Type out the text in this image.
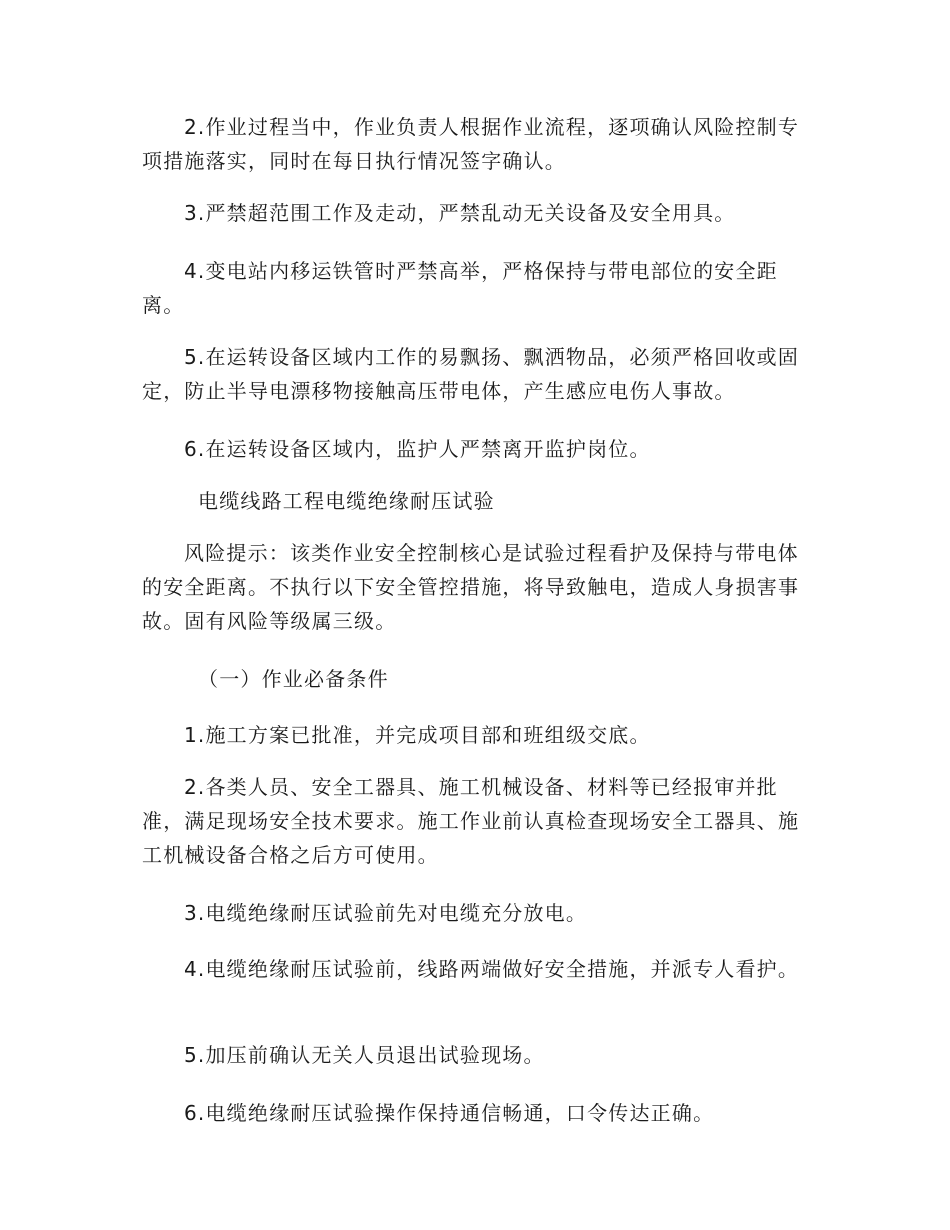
2.作业过程当中，作业负责人根据作业流程，逐项确认风险控制专项措施落实，同时在每日执行情况签字确认。

3.严禁超范围工作及走动，严禁乱动无关设备及安全用具。

4.变电站内移运铁管时严禁高举，严格保持与带电部位的安全距离。

5.在运转设备区域内工作的易飘扬、飘洒物品，必须严格回收或固定，防止半导电漂移物接触高压带电体，产生感应电伤人事故。

6.在运转设备区域内，监护人严禁离开监护岗位。

电缆线路工程电缆绝缘耐压试验

风险提示：该类作业安全控制核心是试验过程看护及保持与带电体的安全距离。不执行以下安全管控措施，将导致触电，造成人身损害事故。固有风险等级属三级。

（一）作业必备条件

1.施工方案已批准，并完成项目部和班组级交底。

2.各类人员、安全工器具、施工机械设备、材料等已经报审并批准，满足现场安全技术要求。施工作业前认真检查现场安全工器具、施工机械设备合格之后方可使用。

3.电缆绝缘耐压试验前先对电缆充分放电。

4.电缆绝缘耐压试验前，线路两端做好安全措施，并派专人看护。

5.加压前确认无关人员退出试验现场。

6.电缆绝缘耐压试验操作保持通信畅通，口令传达正确。
